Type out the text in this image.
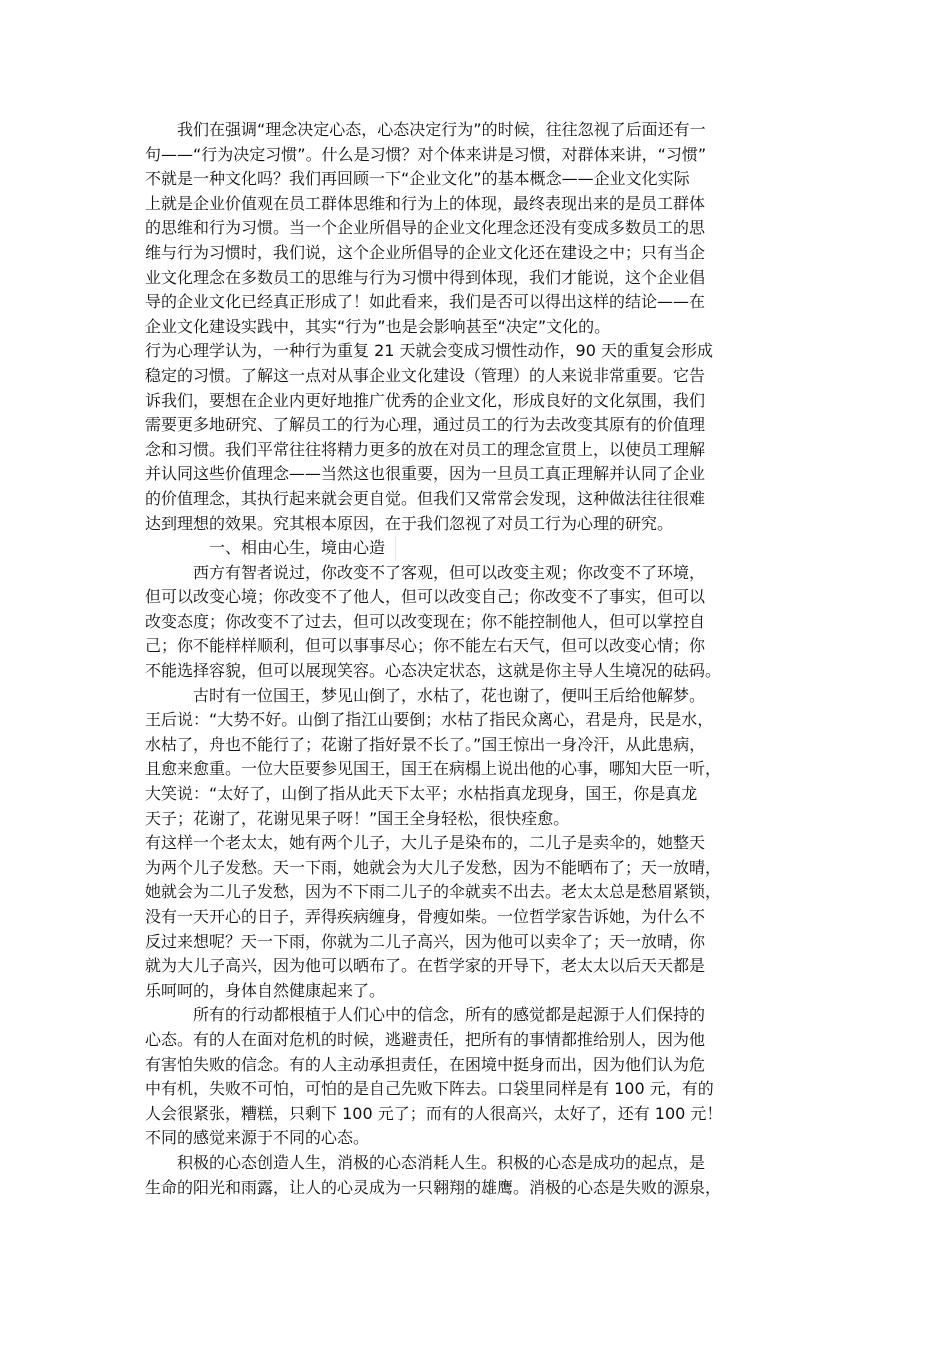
　　我们在强调“理念决定心态，心态决定行为”的时候，往往忽视了后面还有一
句——“行为决定习惯”。什么是习惯？对个体来讲是习惯，对群体来讲，“习惯”
不就是一种文化吗？我们再回顾一下“企业文化”的基本概念——企业文化实际
上就是企业价值观在员工群体思维和行为上的体现，最终表现出来的是员工群体
的思维和行为习惯。当一个企业所倡导的企业文化理念还没有变成多数员工的思
维与行为习惯时，我们说，这个企业所倡导的企业文化还在建设之中；只有当企
业文化理念在多数员工的思维与行为习惯中得到体现，我们才能说，这个企业倡
导的企业文化已经真正形成了！如此看来，我们是否可以得出这样的结论——在
企业文化建设实践中，其实“行为”也是会影响甚至“决定”文化的。
行为心理学认为，一种行为重复 21 天就会变成习惯性动作，90 天的重复会形成
稳定的习惯。了解这一点对从事企业文化建设（管理）的人来说非常重要。它告
诉我们，要想在企业内更好地推广优秀的企业文化，形成良好的文化氛围，我们
需要更多地研究、了解员工的行为心理，通过员工的行为去改变其原有的价值理
念和习惯。我们平常往往将精力更多的放在对员工的理念宣贯上，以使员工理解
并认同这些价值理念——当然这也很重要，因为一旦员工真正理解并认同了企业
的价值理念，其执行起来就会更自觉。但我们又常常会发现，这种做法往往很难
达到理想的效果。究其根本原因，在于我们忽视了对员工行为心理的研究。
　　　　一、相由心生，境由心造
　　　西方有智者说过，你改变不了客观，但可以改变主观；你改变不了环境，
但可以改变心境；你改变不了他人，但可以改变自己；你改变不了事实，但可以
改变态度；你改变不了过去，但可以改变现在；你不能控制他人，但可以掌控自
己；你不能样样顺利，但可以事事尽心；你不能左右天气，但可以改变心情；你
不能选择容貌，但可以展现笑容。心态决定状态，这就是你主导人生境况的砝码。
　　　古时有一位国王，梦见山倒了，水枯了，花也谢了，便叫王后给他解梦。
王后说：“大势不好。山倒了指江山要倒；水枯了指民众离心，君是舟，民是水，
水枯了，舟也不能行了；花谢了指好景不长了。”国王惊出一身冷汗，从此患病，
且愈来愈重。一位大臣要参见国王，国王在病榻上说出他的心事，哪知大臣一听，
大笑说：“太好了，山倒了指从此天下太平；水枯指真龙现身，国王，你是真龙
天子；花谢了，花谢见果子呀！”国王全身轻松，很快痊愈。
有这样一个老太太，她有两个儿子，大儿子是染布的，二儿子是卖伞的，她整天
为两个儿子发愁。天一下雨，她就会为大儿子发愁，因为不能晒布了；天一放晴，
她就会为二儿子发愁，因为不下雨二儿子的伞就卖不出去。老太太总是愁眉紧锁，
没有一天开心的日子，弄得疾病缠身，骨瘦如柴。一位哲学家告诉她，为什么不
反过来想呢？天一下雨，你就为二儿子高兴，因为他可以卖伞了；天一放晴，你
就为大儿子高兴，因为他可以晒布了。在哲学家的开导下，老太太以后天天都是
乐呵呵的，身体自然健康起来了。
　　　所有的行动都根植于人们心中的信念，所有的感觉都是起源于人们保持的
心态。有的人在面对危机的时候，逃避责任，把所有的事情都推给别人，因为他
有害怕失败的信念。有的人主动承担责任，在困境中挺身而出，因为他们认为危
中有机，失败不可怕，可怕的是自己先败下阵去。口袋里同样是有 100 元，有的
人会很紧张，糟糕，只剩下 100 元了；而有的人很高兴，太好了，还有 100 元！
不同的感觉来源于不同的心态。
　　积极的心态创造人生，消极的心态消耗人生。积极的心态是成功的起点，是
生命的阳光和雨露，让人的心灵成为一只翱翔的雄鹰。消极的心态是失败的源泉，
